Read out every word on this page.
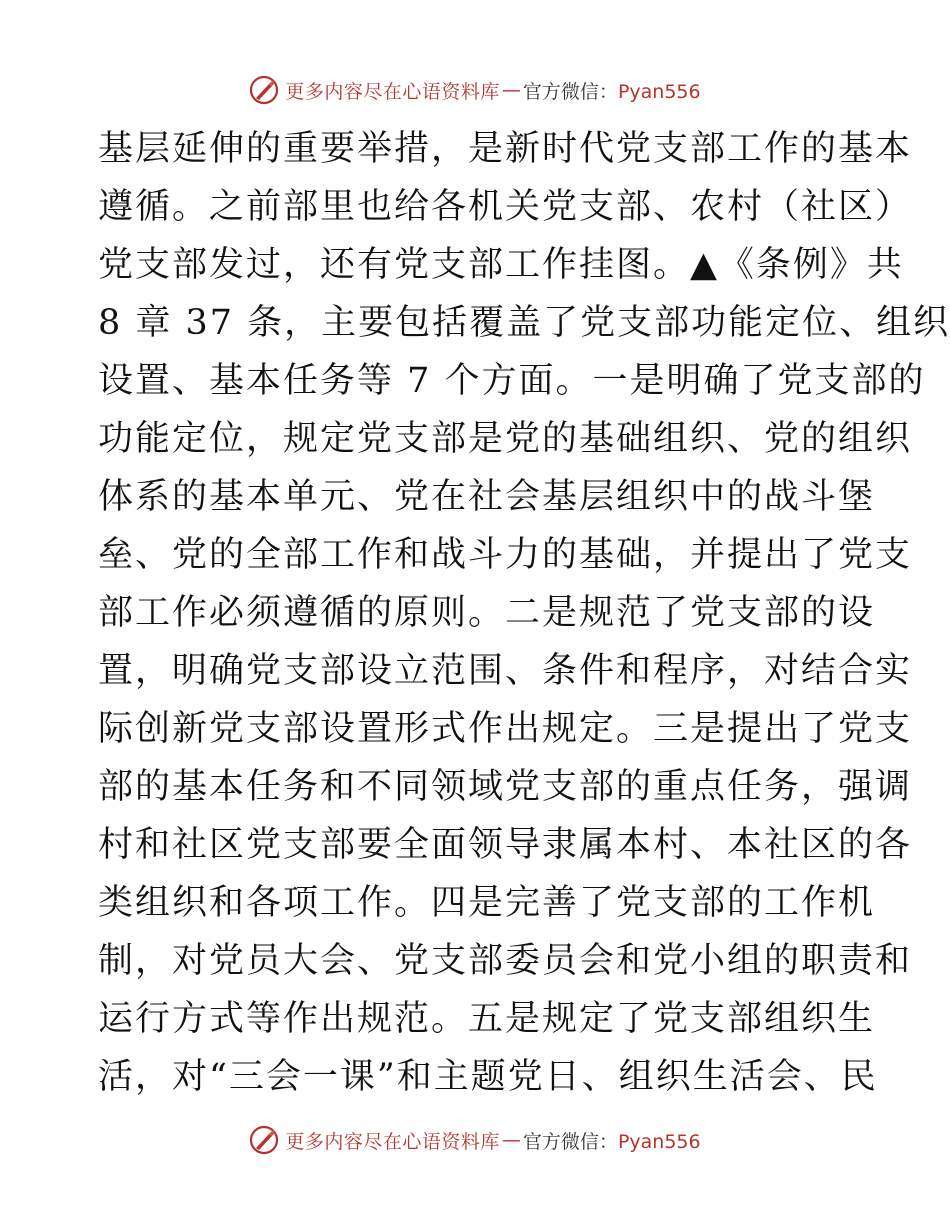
更多内容尽在心语资料库 — 官方微信：Pyan556
基层延伸的重要举措，是新时代党支部工作的基本
遵循。之前部里也给各机关党支部、农村（社区）
党支部发过，还有党支部工作挂图。▲《条例》共
8 章 37 条，主要包括覆盖了党支部功能定位、组织
设置、基本任务等 7 个方面。一是明确了党支部的
功能定位，规定党支部是党的基础组织、党的组织
体系的基本单元、党在社会基层组织中的战斗堡
垒、党的全部工作和战斗力的基础，并提出了党支
部工作必须遵循的原则。二是规范了党支部的设
置，明确党支部设立范围、条件和程序，对结合实
际创新党支部设置形式作出规定。三是提出了党支
部的基本任务和不同领域党支部的重点任务，强调
村和社区党支部要全面领导隶属本村、本社区的各
类组织和各项工作。四是完善了党支部的工作机
制，对党员大会、党支部委员会和党小组的职责和
运行方式等作出规范。五是规定了党支部组织生
活，对“三会一课”和主题党日、组织生活会、民
更多内容尽在心语资料库 — 官方微信：Pyan556
